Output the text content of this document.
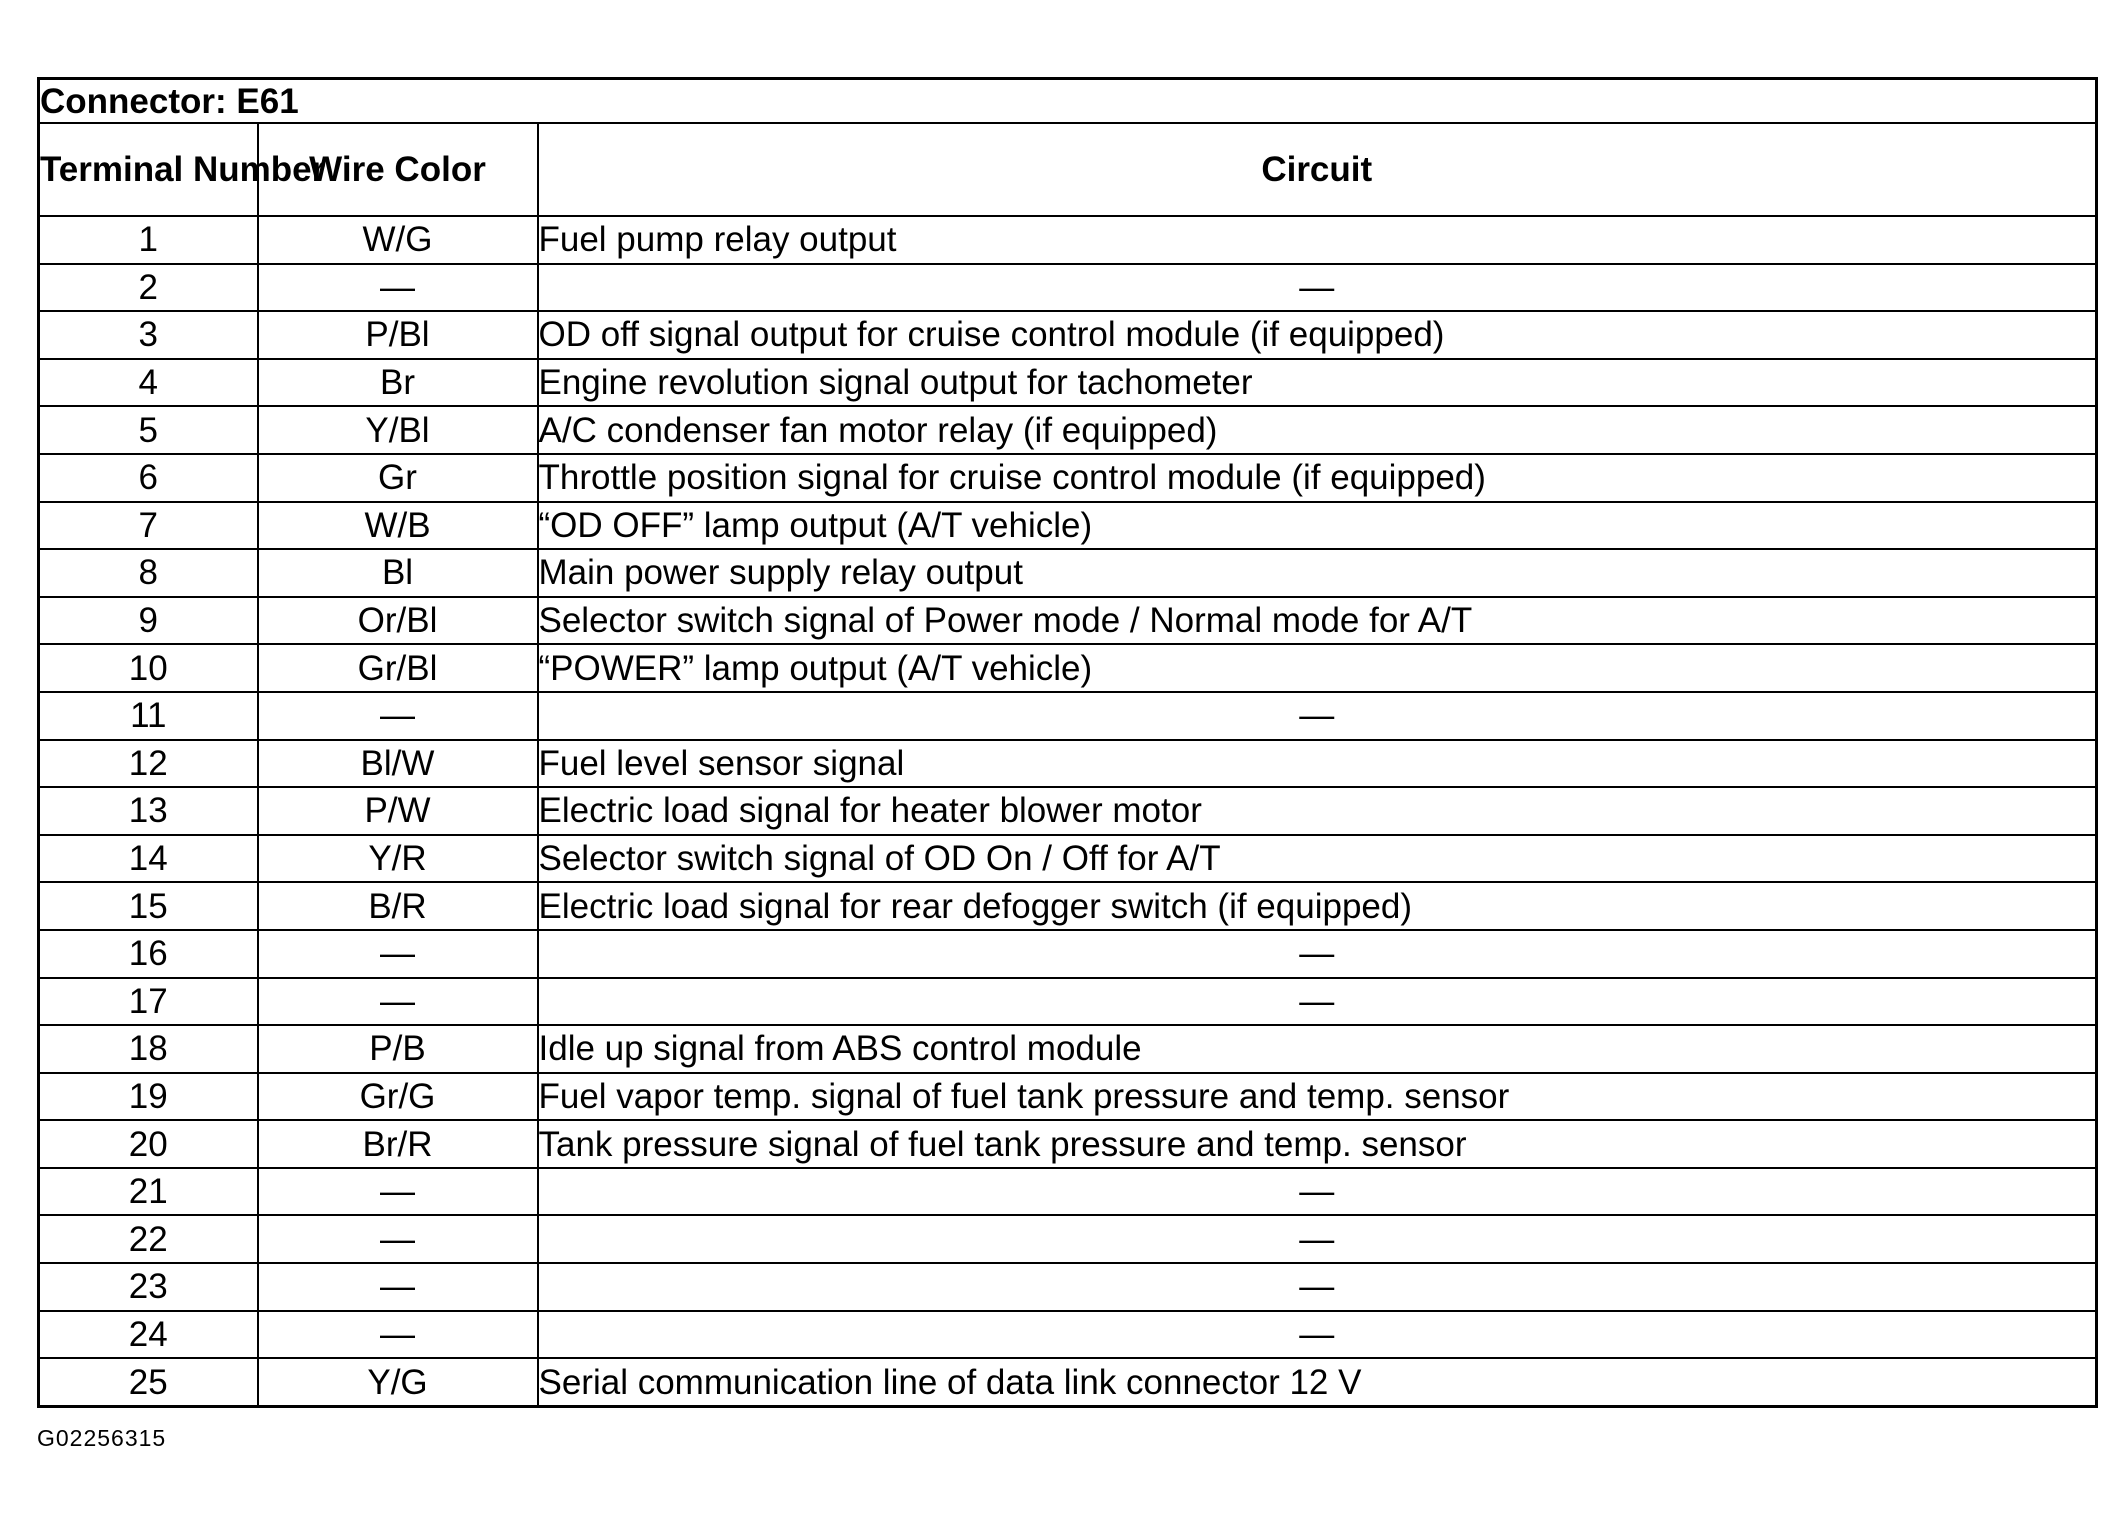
Connector: E61		
Terminal Number	Wire Color	Circuit
1	W/G	Fuel pump relay output
2	—	—
3	P/Bl	OD off signal output for cruise control module (if equipped)
4	Br	Engine revolution signal output for tachometer
5	Y/Bl	A/C condenser fan motor relay (if equipped)
6	Gr	Throttle position signal for cruise control module (if equipped)
7	W/B	“OD OFF” lamp output (A/T vehicle)
8	Bl	Main power supply relay output
9	Or/Bl	Selector switch signal of Power mode / Normal mode for A/T
10	Gr/Bl	“POWER” lamp output (A/T vehicle)
11	—	—
12	Bl/W	Fuel level sensor signal
13	P/W	Electric load signal for heater blower motor
14	Y/R	Selector switch signal of OD On / Off for A/T
15	B/R	Electric load signal for rear defogger switch (if equipped)
16	—	—
17	—	—
18	P/B	Idle up signal from ABS control module
19	Gr/G	Fuel vapor temp. signal of fuel tank pressure and temp. sensor
20	Br/R	Tank pressure signal of fuel tank pressure and temp. sensor
21	—	—
22	—	—
23	—	—
24	—	—
25	Y/G	Serial communication line of data link connector 12 V
G02256315
